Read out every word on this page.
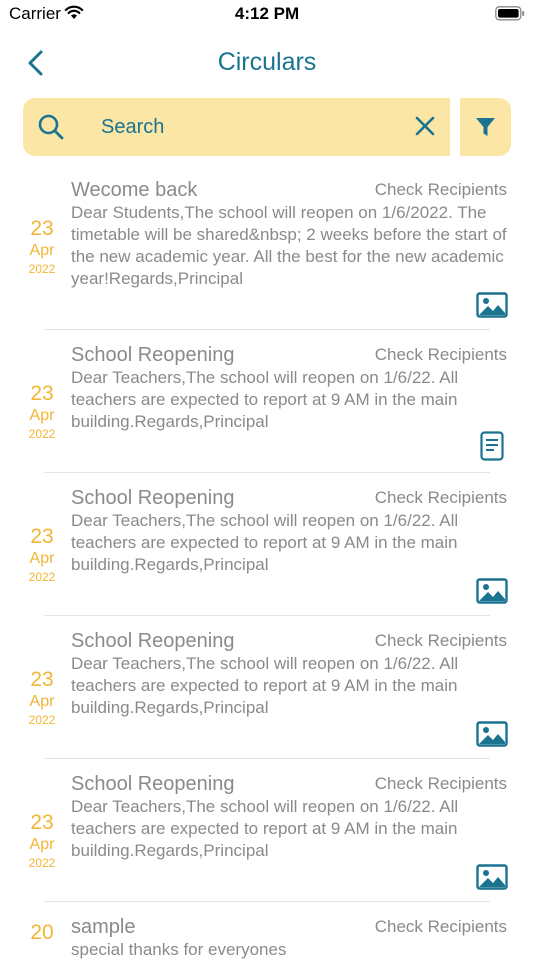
Carrier	4:12 PM
Circulars
Search
23
Apr
2022
Wecome back	Check Recipients
Dear Students,The school will reopen on 1/6/2022. The timetable will be shared&nbsp; 2 weeks before the start of the new academic year. All the best for the new academic year!Regards,Principal
23
Apr
2022
School Reopening	Check Recipients
Dear Teachers,The school will reopen on 1/6/22. All teachers are expected to report at 9 AM in the main building.Regards,Principal
23
Apr
2022
School Reopening	Check Recipients
Dear Teachers,The school will reopen on 1/6/22. All teachers are expected to report at 9 AM in the main building.Regards,Principal
23
Apr
2022
School Reopening	Check Recipients
Dear Teachers,The school will reopen on 1/6/22. All teachers are expected to report at 9 AM in the main building.Regards,Principal
23
Apr
2022
School Reopening	Check Recipients
Dear Teachers,The school will reopen on 1/6/22. All teachers are expected to report at 9 AM in the main building.Regards,Principal
20 sample	Check Recipients
special thanks for everyones
